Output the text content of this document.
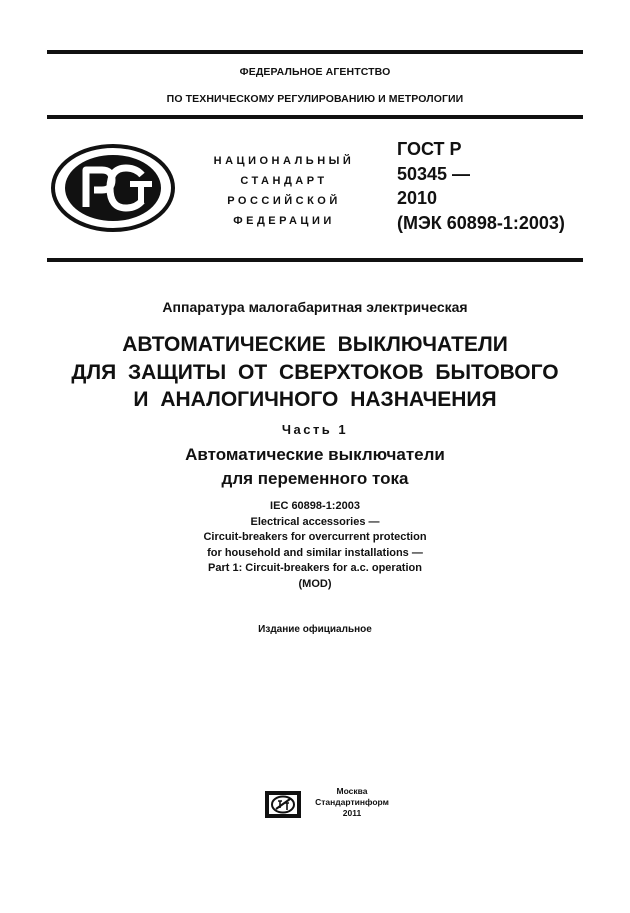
ФЕДЕРАЛЬНОЕ АГЕНТСТВО
ПО ТЕХНИЧЕСКОМУ РЕГУЛИРОВАНИЮ И МЕТРОЛОГИИ
НАЦИОНАЛЬНЫЙ
СТАНДАРТ
РОССИЙСКОЙ
ФЕДЕРАЦИИ
ГОСТ Р
50345 —
2010
(МЭК 60898-1:2003)
Аппаратура малогабаритная электрическая
АВТОМАТИЧЕСКИЕ ВЫКЛЮЧАТЕЛИ
ДЛЯ ЗАЩИТЫ ОТ СВЕРХТОКОВ БЫТОВОГО
И АНАЛОГИЧНОГО НАЗНАЧЕНИЯ
Часть 1
Автоматические выключатели
для переменного тока
IEC 60898-1:2003
Electrical accessories —
Circuit-breakers for overcurrent protection
for household and similar installations —
Part 1: Circuit-breakers for a.c. operation
(MOD)
Издание официальное
Москва
Стандартинформ
2011
